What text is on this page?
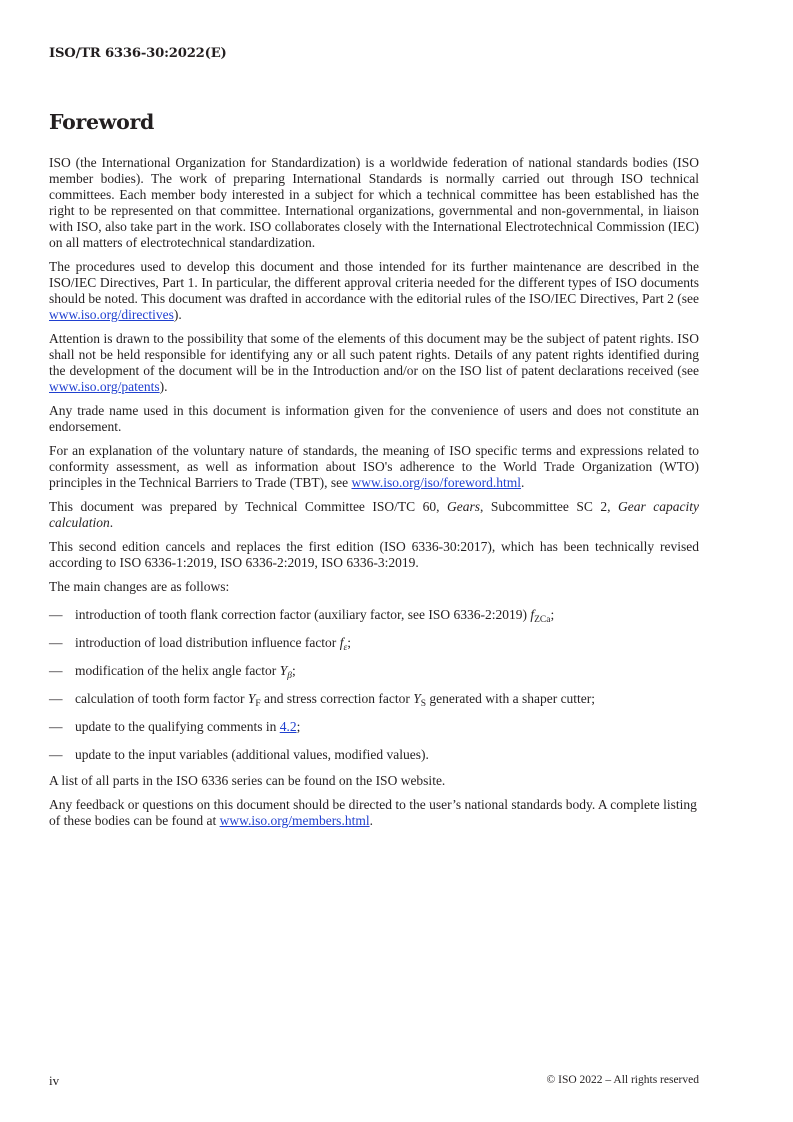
ISO/TR 6336-30:2022(E)
Foreword

ISO (the International Organization for Standardization) is a worldwide federation of national standards bodies (ISO member bodies). The work of preparing International Standards is normally carried out through ISO technical committees. Each member body interested in a subject for which a technical committee has been established has the right to be represented on that committee. International organizations, governmental and non-governmental, in liaison with ISO, also take part in the work. ISO collaborates closely with the International Electrotechnical Commission (IEC) on all matters of electrotechnical standardization.

The procedures used to develop this document and those intended for its further maintenance are described in the ISO/IEC Directives, Part 1. In particular, the different approval criteria needed for the different types of ISO documents should be noted. This document was drafted in accordance with the editorial rules of the ISO/IEC Directives, Part 2 (see www.iso.org/directives).

Attention is drawn to the possibility that some of the elements of this document may be the subject of patent rights. ISO shall not be held responsible for identifying any or all such patent rights. Details of any patent rights identified during the development of the document will be in the Introduction and/or on the ISO list of patent declarations received (see www.iso.org/patents).

Any trade name used in this document is information given for the convenience of users and does not constitute an endorsement.

For an explanation of the voluntary nature of standards, the meaning of ISO specific terms and expressions related to conformity assessment, as well as information about ISO's adherence to the World Trade Organization (WTO) principles in the Technical Barriers to Trade (TBT), see www.iso.org/iso/foreword.html.

This document was prepared by Technical Committee ISO/TC 60, Gears, Subcommittee SC 2, Gear capacity calculation.

This second edition cancels and replaces the first edition (ISO 6336-30:2017), which has been technically revised according to ISO 6336-1:2019, ISO 6336-2:2019, ISO 6336-3:2019.

The main changes are as follows:

— introduction of tooth flank correction factor (auxiliary factor, see ISO 6336-2:2019) $f_{ZCa}$;
— introduction of load distribution influence factor $f_\varepsilon$;
— modification of the helix angle factor $Y_\beta$;
— calculation of tooth form factor $Y_F$ and stress correction factor $Y_S$ generated with a shaper cutter;
— update to the qualifying comments in 4.2;
— update to the input variables (additional values, modified values).

A list of all parts in the ISO 6336 series can be found on the ISO website.

Any feedback or questions on this document should be directed to the user’s national standards body. A complete listing of these bodies can be found at www.iso.org/members.html.

iv	© ISO 2022 – All rights reserved
